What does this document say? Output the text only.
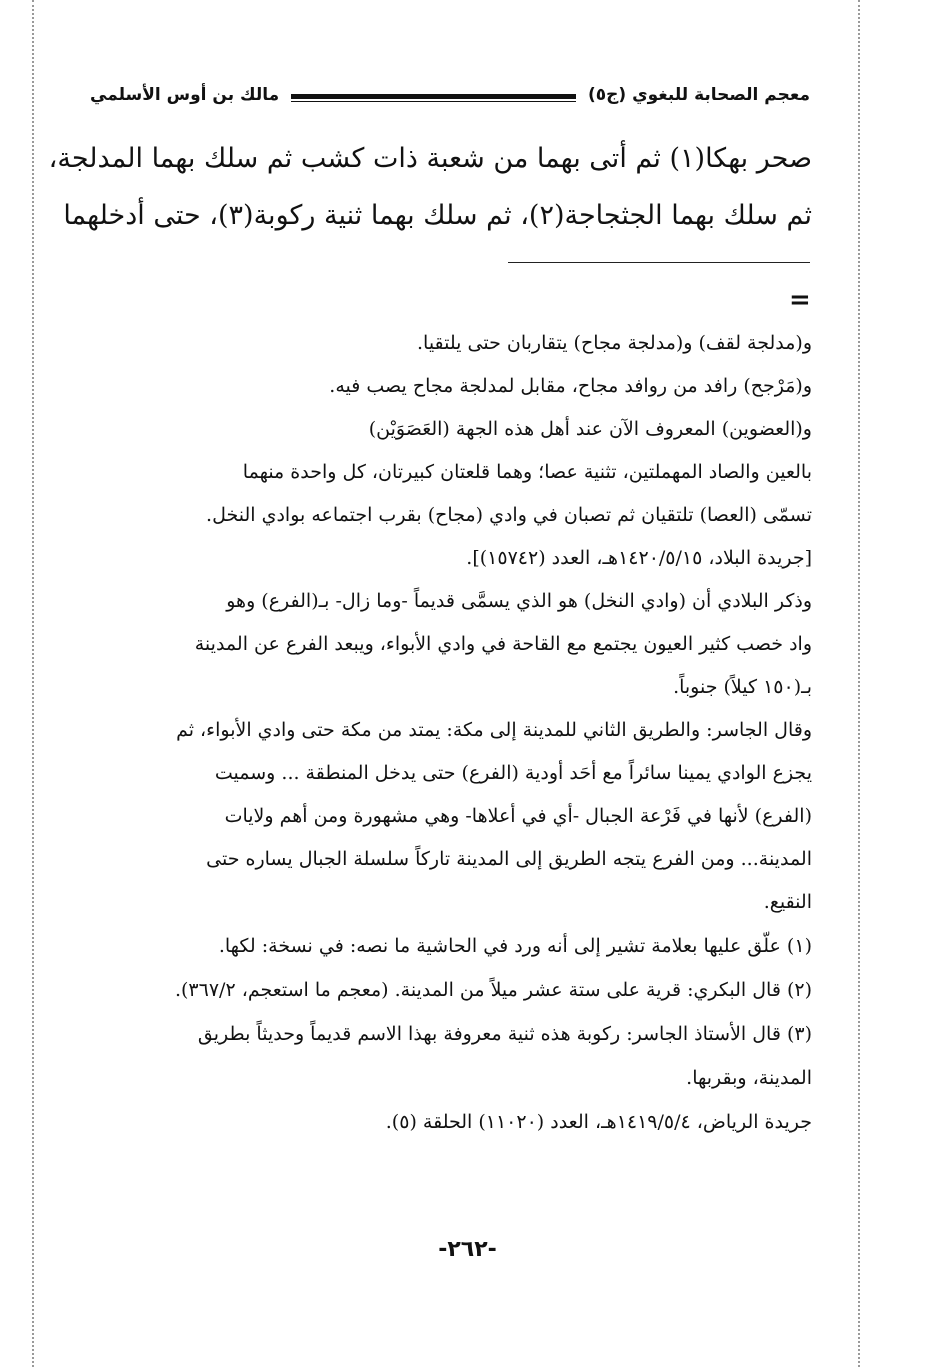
معجم الصحابة للبغوي (ج٥)
مالك بن أوس الأسلمي
صحر بهكا(١) ثم أتى بهما من شعبة ذات كشب ثم سلك بهما المدلجة،
ثم سلك بهما الجثجاجة(٢)، ثم سلك بهما ثنية ركوبة(٣)، حتى أدخلهما
=
و(مدلجة لقف) و(مدلجة مجاح) يتقاربان حتى يلتقيا.
و(مَرْجح) رافد من روافد مجاح، مقابل لمدلجة مجاح يصب فيه.
و(العضوين) المعروف الآن عند أهل هذه الجهة (العَصَوَيْن)
بالعين والصاد المهملتين، تثنية عصا؛ وهما قلعتان كبيرتان، كل واحدة منهما
تسمّى (العصا) تلتقيان ثم تصبان في وادي (مجاح) بقرب اجتماعه بوادي النخل.
[جريدة البلاد، ١٤٢٠/٥/١٥هـ، العدد (١٥٧٤٢)].
وذكر البلادي أن (وادي النخل) هو الذي يسمَّى قديماً -وما زال- بـ(الفرع) وهو
واد خصب كثير العيون يجتمع مع القاحة في وادي الأبواء، ويبعد الفرع عن المدينة
بـ(١٥٠ كيلاً) جنوباً.
وقال الجاسر: والطريق الثاني للمدينة إلى مكة: يمتد من مكة حتى وادي الأبواء، ثم
يجزع الوادي يمينا سائراً مع أحَد أودية (الفرع) حتى يدخل المنطقة ... وسميت
(الفرع) لأنها في فَرْعة الجبال -أي في أعلاها- وهي مشهورة ومن أهم ولايات
المدينة... ومن الفرع يتجه الطريق إلى المدينة تاركاً سلسلة الجبال يساره حتى
النقيع.
(١) علّق عليها بعلامة تشير إلى أنه ورد في الحاشية ما نصه: في نسخة: لكها.
(٢) قال البكري: قرية على ستة عشر ميلاً من المدينة. (معجم ما استعجم، ٣٦٧/٢).
(٣) قال الأستاذ الجاسر: ركوبة هذه ثنية معروفة بهذا الاسم قديماً وحديثاً بطريق
المدينة، وبقربها.
جريدة الرياض، ١٤١٩/٥/٤هـ، العدد (١١٠٢٠) الحلقة (٥).
-٢٦٢-
